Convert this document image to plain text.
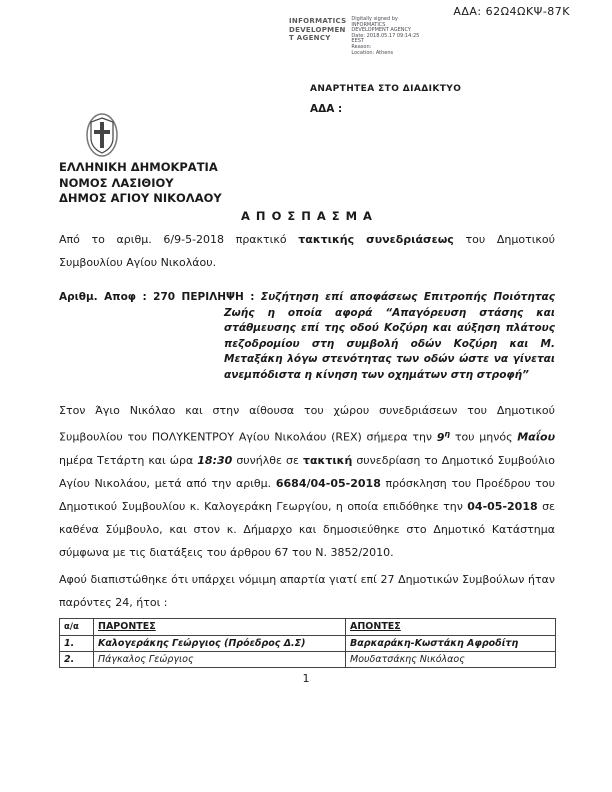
ΑΔΑ: 62Ω4ΩΚΨ-87Κ
INFORMATICS
DEVELOPMEN
T AGENCY
Digitally signed by
INFORMATICS
DEVELOPMENT AGENCY
Date: 2018.05.17 09:14:25
EEST
Reason:
Location: Athens
ΑΝΑΡΤΗΤΕΑ ΣΤΟ ΔΙΑΔΙΚΤΥΟ
ΑΔΑ :
ΕΛΛΗΝΙΚΗ ΔΗΜΟΚΡΑΤΙΑ
ΝΟΜΟΣ ΛΑΣΙΘΙΟΥ
ΔΗΜΟΣ ΑΓΙΟΥ ΝΙΚΟΛΑΟΥ
Α Π Ο Σ Π Α Σ Μ Α

Από το αριθμ. 6/9-5-2018 πρακτικό τακτικής συνεδριάσεως του Δημοτικού Συμβουλίου Αγίου Νικολάου.

Αριθμ. Αποφ : 270 ΠΕΡΙΛΗΨΗ : Συζήτηση επί αποφάσεως Επιτροπής Ποιότητας Ζωής η οποία αφορά “Απαγόρευση στάσης και στάθμευσης επί της οδού Κοζύρη και αύξηση πλάτους πεζοδρομίου στη συμβολή οδών Κοζύρη και Μ. Μεταξάκη λόγω στενότητας των οδών ώστε να γίνεται ανεμπόδιστα η κίνηση των οχημάτων στη στροφή”

Στον Άγιο Νικόλαο και στην αίθουσα του χώρου συνεδριάσεων του Δημοτικού Συμβουλίου του ΠΟΛΥΚΕΝΤΡΟΥ Αγίου Νικολάου (REX) σήμερα την $9^\eta$ του μηνός Μαΐου ημέρα Τετάρτη και ώρα 18:30 συνήλθε σε τακτική συνεδρίαση το Δημοτικό Συμβούλιο Αγίου Νικολάου, μετά από την αριθμ. 6684/04-05-2018 πρόσκληση του Προέδρου του Δημοτικού Συμβουλίου κ. Καλογεράκη Γεωργίου, η οποία επιδόθηκε την 04-05-2018 σε καθένα Σύμβουλο, και στον κ. Δήμαρχο και δημοσιεύθηκε στο Δημοτικό Κατάστημα σύμφωνα με τις διατάξεις του άρθρου 67 του Ν. 3852/2010.

Αφού διαπιστώθηκε ότι υπάρχει νόμιμη απαρτία γιατί επί 27 Δημοτικών Συμβούλων ήταν παρόντες 24, ήτοι :

α/α	ΠΑΡΟΝΤΕΣ	ΑΠΟΝΤΕΣ
1.	Καλογεράκης Γεώργιος (Πρόεδρος Δ.Σ)	Βαρκαράκη-Κωστάκη Αφροδίτη
2.	Πάγκαλος Γεώργιος	Μουδατσάκης Νικόλαος
1
